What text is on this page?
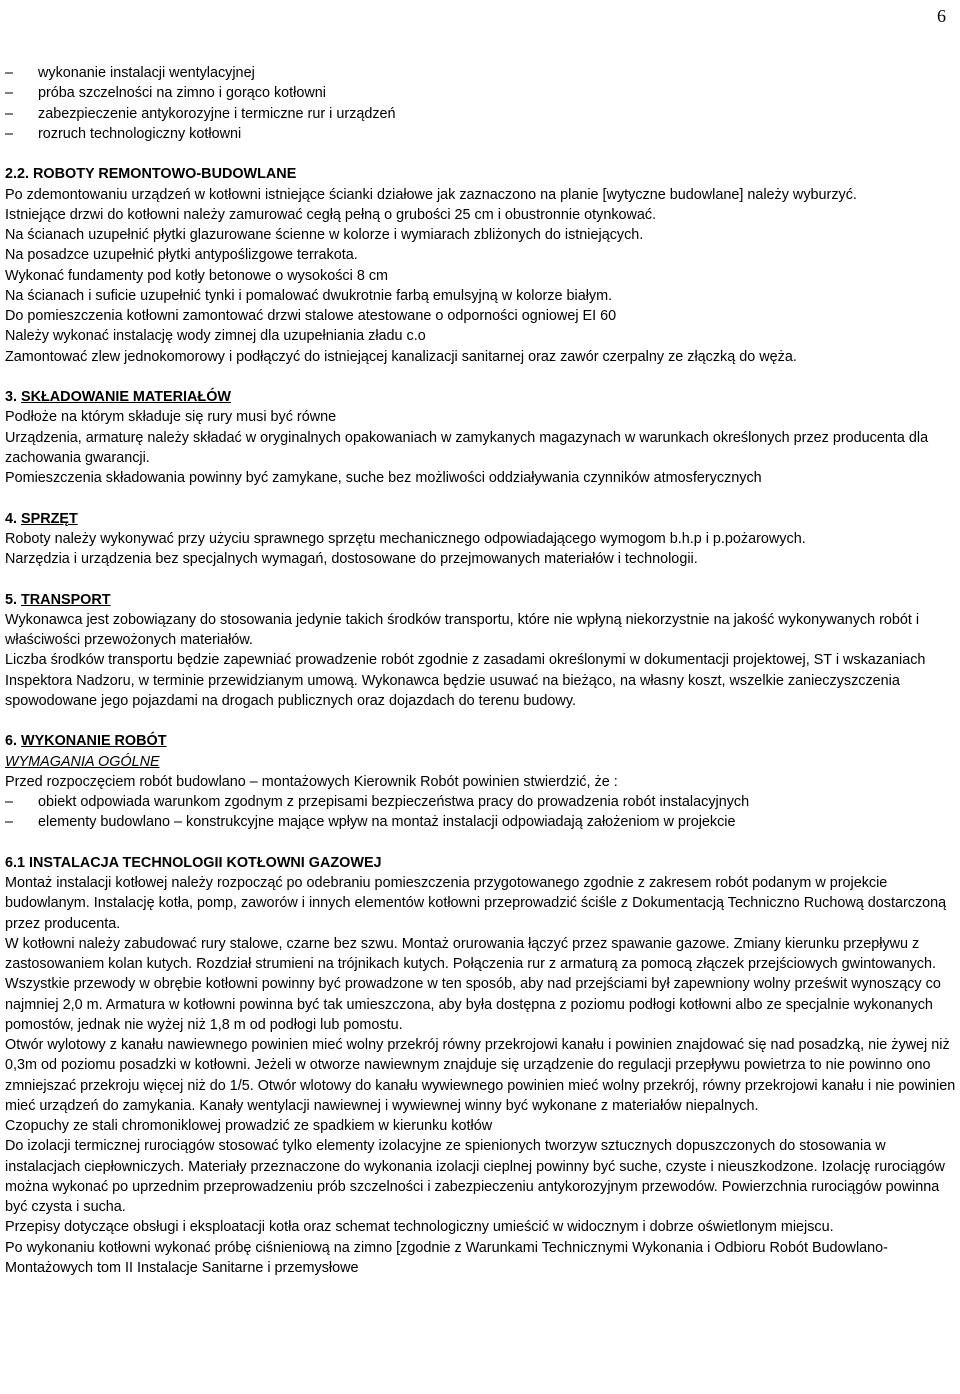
6

–	wykonanie instalacji wentylacyjnej

–	próba szczelności na zimno i gorąco kotłowni

–	zabezpieczenie antykorozyjne i termiczne rur i urządzeń

–	rozruch technologiczny kotłowni

2.2. ROBOTY REMONTOWO-BUDOWLANE

Po zdemontowaniu urządzeń w kotłowni istniejące ścianki działowe jak zaznaczono na planie [wytyczne budowlane] należy wyburzyć.

Istniejące drzwi do kotłowni należy zamurować cegłą pełną o grubości 25 cm i obustronnie otynkować.

Na ścianach uzupełnić płytki glazurowane ścienne w kolorze i wymiarach zbliżonych do istniejących.

Na posadzce uzupełnić płytki antypoślizgowe terrakota.

Wykonać fundamenty pod kotły betonowe o wysokości 8 cm

Na ścianach i suficie uzupełnić tynki i pomalować dwukrotnie farbą emulsyjną w kolorze białym.

Do pomieszczenia kotłowni zamontować drzwi stalowe atestowane o odporności ogniowej EI 60

Należy wykonać instalację wody zimnej dla uzupełniania zładu c.o

Zamontować zlew jednokomorowy i podłączyć do istniejącej kanalizacji sanitarnej oraz zawór czerpalny ze złączką do węża.

3. SKŁADOWANIE MATERIAŁÓW

Podłoże na którym składuje się rury musi być równe

Urządzenia, armaturę należy składać w oryginalnych opakowaniach w zamykanych magazynach w warunkach określonych przez producenta dla zachowania gwarancji.

Pomieszczenia składowania powinny być zamykane, suche bez możliwości oddziaływania czynników atmosferycznych

4. SPRZĘT

Roboty należy wykonywać przy użyciu sprawnego sprzętu mechanicznego odpowiadającego wymogom b.h.p i p.pożarowych.

Narzędzia i urządzenia bez specjalnych wymagań, dostosowane do przejmowanych materiałów i technologii.

5. TRANSPORT

Wykonawca jest zobowiązany do stosowania jedynie takich środków transportu, które nie wpłyną niekorzystnie na jakość wykonywanych robót i właściwości przewożonych materiałów.

Liczba środków transportu będzie zapewniać prowadzenie robót zgodnie z zasadami określonymi w dokumentacji projektowej, ST i wskazaniach Inspektora Nadzoru, w terminie przewidzianym umową. Wykonawca będzie usuwać na bieżąco, na własny koszt, wszelkie zanieczyszczenia spowodowane jego pojazdami na drogach publicznych oraz dojazdach do terenu budowy.

6. WYKONANIE ROBÓT

WYMAGANIA OGÓLNE

Przed rozpoczęciem robót budowlano – montażowych Kierownik Robót powinien stwierdzić, że :

–	obiekt odpowiada warunkom zgodnym z przepisami bezpieczeństwa pracy do prowadzenia robót instalacyjnych

–	elementy budowlano – konstrukcyjne mające wpływ na montaż instalacji odpowiadają założeniom w projekcie

6.1 INSTALACJA TECHNOLOGII KOTŁOWNI GAZOWEJ

Montaż instalacji kotłowej należy rozpocząć po odebraniu pomieszczenia przygotowanego zgodnie z zakresem robót podanym w projekcie budowlanym. Instalację kotła, pomp, zaworów i innych elementów kotłowni przeprowadzić ściśle z Dokumentacją Techniczno Ruchową dostarczoną przez producenta.

W kotłowni należy zabudować rury stalowe, czarne bez szwu. Montaż orurowania łączyć przez spawanie gazowe. Zmiany kierunku przepływu z zastosowaniem kolan kutych. Rozdział strumieni na trójnikach kutych. Połączenia rur z armaturą za pomocą złączek przejściowych gwintowanych. Wszystkie przewody w obrębie kotłowni powinny być prowadzone w ten sposób, aby nad przejściami był zapewniony wolny prześwit wynoszący co najmniej 2,0 m. Armatura w kotłowni powinna być tak umieszczona, aby była dostępna z poziomu podłogi kotłowni albo ze specjalnie wykonanych pomostów, jednak nie wyżej niż 1,8 m od podłogi lub pomostu.

Otwór wylotowy z kanału nawiewnego powinien mieć wolny przekrój równy przekrojowi kanału i powinien znajdować się nad posadzką, nie żywej niż 0,3m od poziomu posadzki w kotłowni. Jeżeli w otworze nawiewnym znajduje się urządzenie do regulacji przepływu powietrza to nie powinno ono zmniejszać przekroju więcej niż do 1/5. Otwór wlotowy do kanału wywiewnego powinien mieć wolny przekrój, równy przekrojowi kanału i nie powinien mieć urządzeń do zamykania. Kanały wentylacji nawiewnej i wywiewnej winny być wykonane z materiałów niepalnych.

Czopuchy ze stali chromoniklowej prowadzić ze spadkiem w kierunku kotłów

Do izolacji termicznej rurociągów stosować tylko elementy izolacyjne ze spienionych tworzyw sztucznych dopuszczonych do stosowania w instalacjach ciepłowniczych. Materiały przeznaczone do wykonania izolacji cieplnej powinny być suche, czyste i nieuszkodzone. Izolację rurociągów można wykonać po uprzednim przeprowadzeniu prób szczelności i zabezpieczeniu antykorozyjnym przewodów. Powierzchnia rurociągów powinna być czysta i sucha.

Przepisy dotyczące obsługi i eksploatacji kotła oraz schemat technologiczny umieścić w widocznym i dobrze oświetlonym miejscu.

Po wykonaniu kotłowni wykonać próbę ciśnieniową na zimno [zgodnie z Warunkami Technicznymi Wykonania i Odbioru Robót Budowlano-Montażowych tom II Instalacje Sanitarne i przemysłowe
